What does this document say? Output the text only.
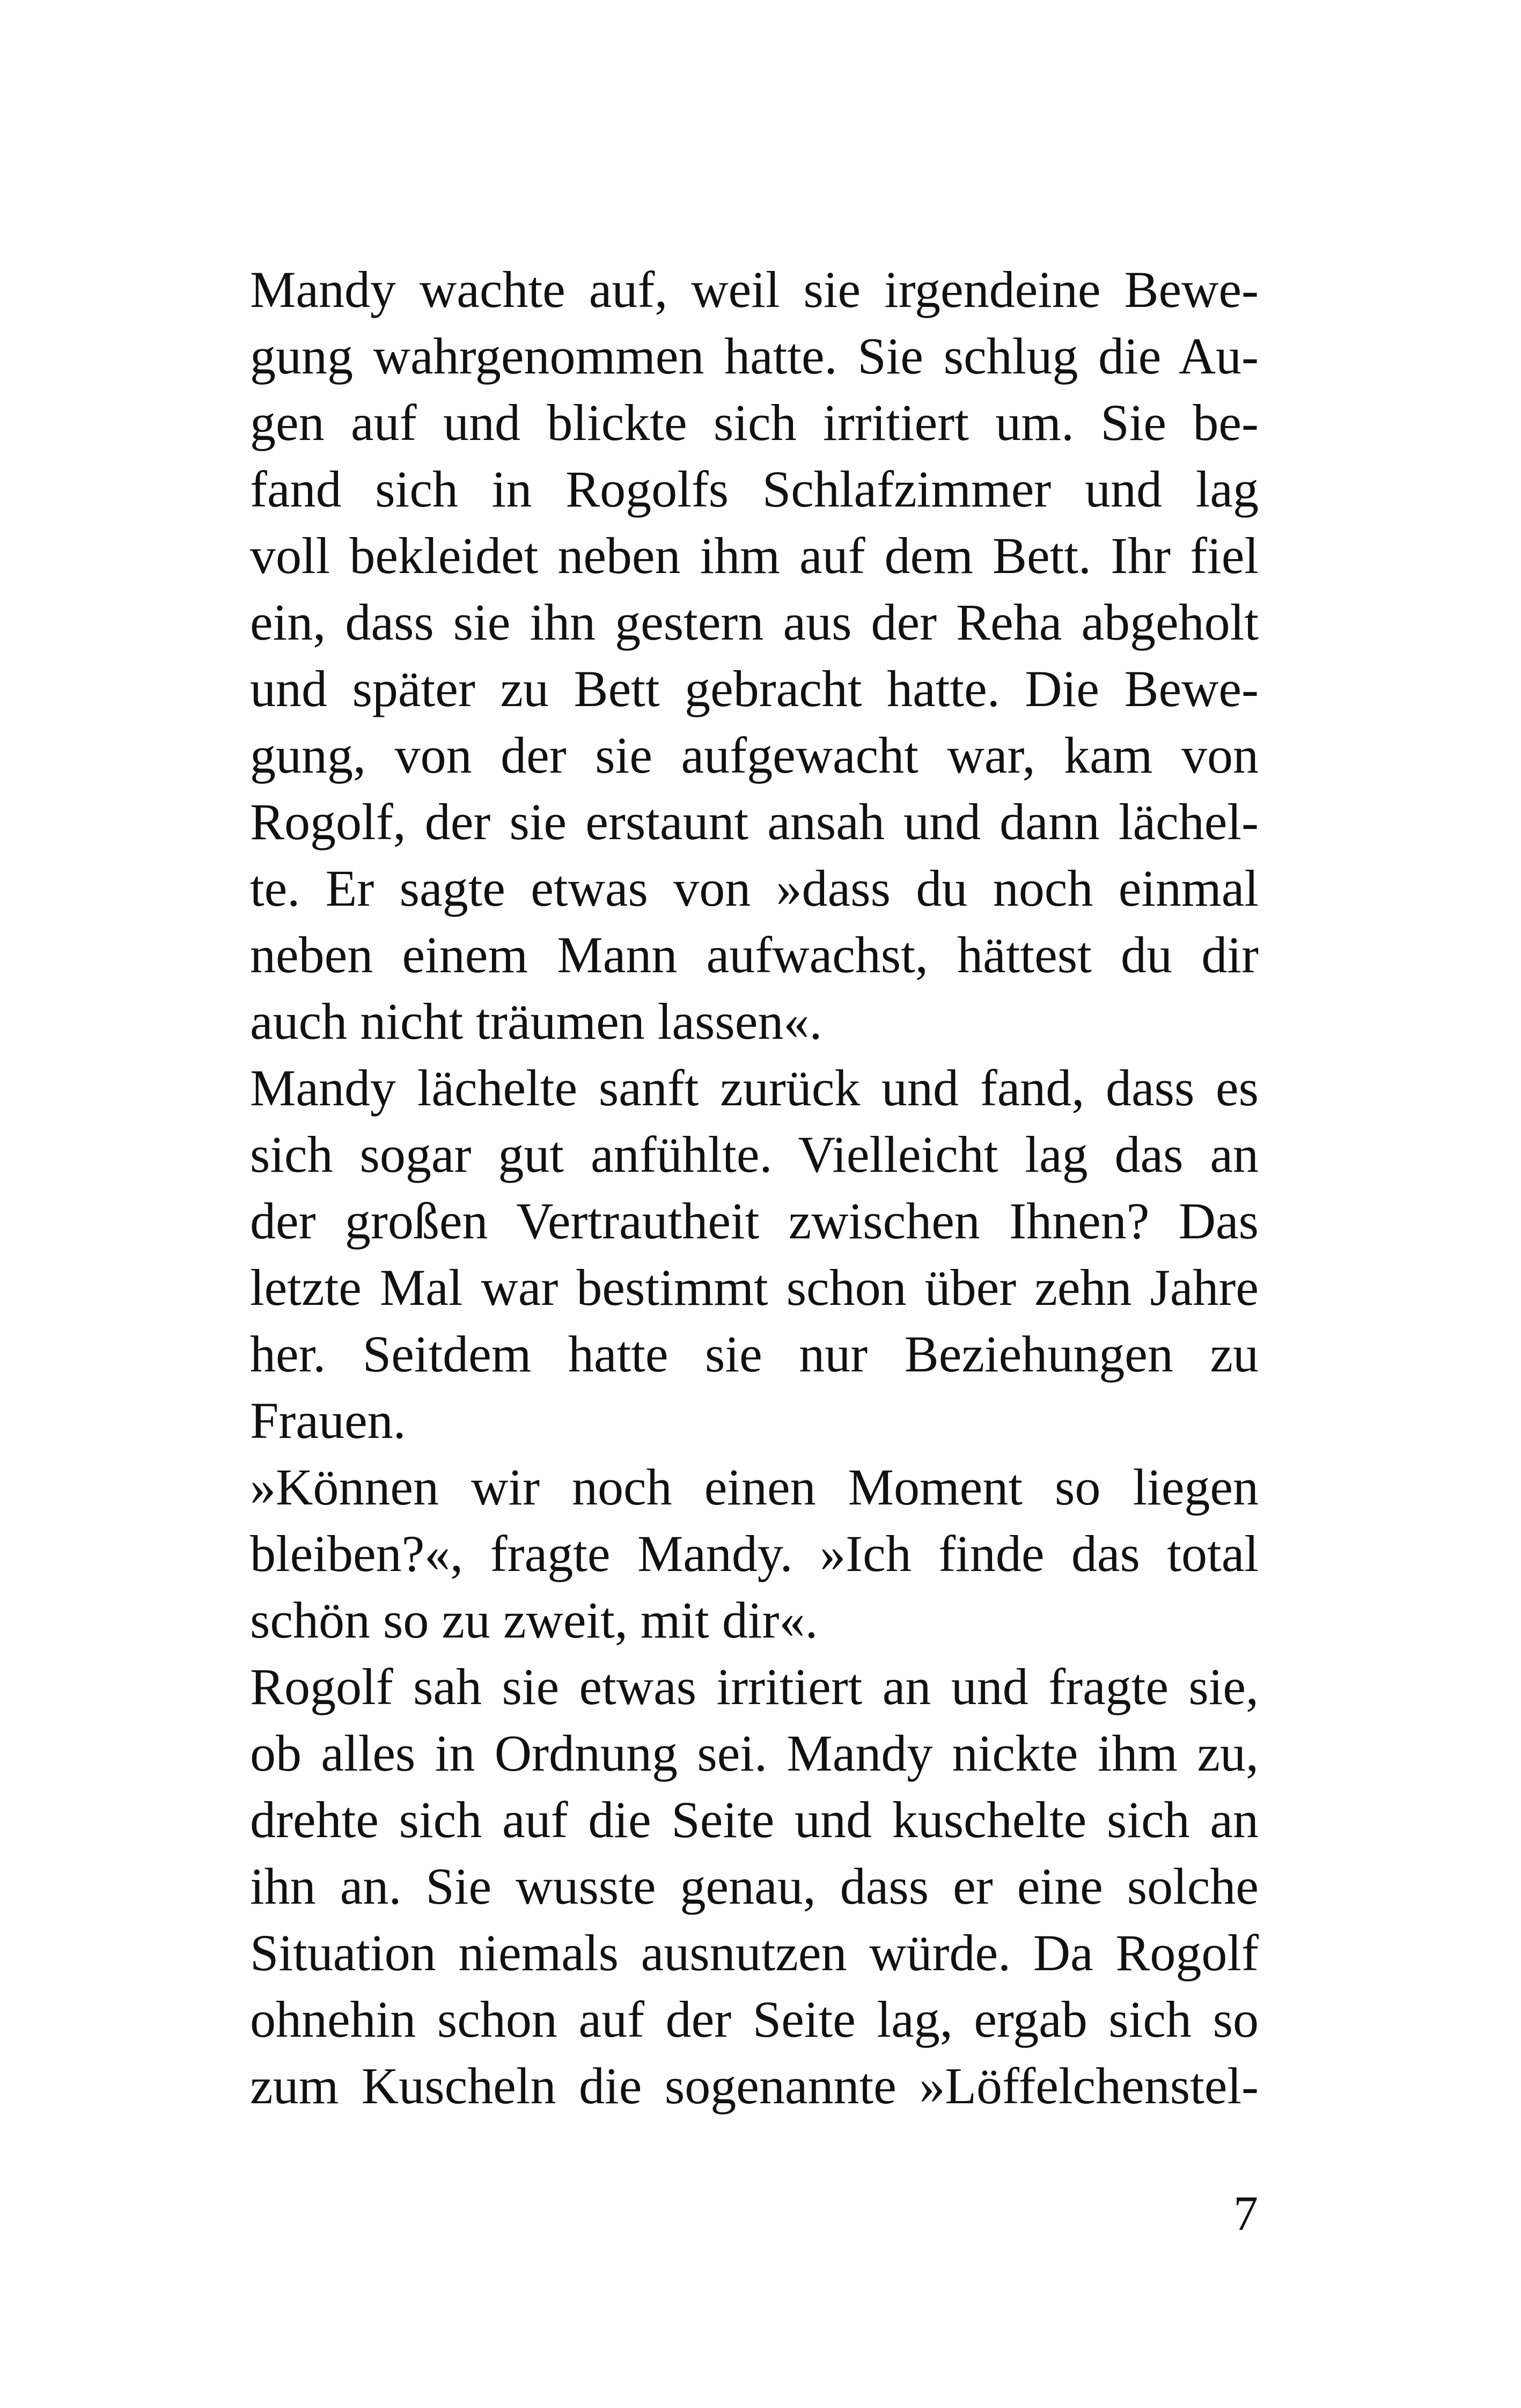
Mandy wachte auf, weil sie irgendeine Bewe-
gung wahrgenommen hatte. Sie schlug die Au-
gen auf und blickte sich irritiert um. Sie be-
fand sich in Rogolfs Schlafzimmer und lag
voll bekleidet neben ihm auf dem Bett. Ihr fiel
ein, dass sie ihn gestern aus der Reha abgeholt
und später zu Bett gebracht hatte. Die Bewe-
gung, von der sie aufgewacht war, kam von
Rogolf, der sie erstaunt ansah und dann lächel-
te. Er sagte etwas von »dass du noch einmal
neben einem Mann aufwachst, hättest du dir
auch nicht träumen lassen«.
Mandy lächelte sanft zurück und fand, dass es
sich sogar gut anfühlte. Vielleicht lag das an
der großen Vertrautheit zwischen Ihnen? Das
letzte Mal war bestimmt schon über zehn Jahre
her. Seitdem hatte sie nur Beziehungen zu
Frauen.
»Können wir noch einen Moment so liegen
bleiben?«, fragte Mandy. »Ich finde das total
schön so zu zweit, mit dir«.
Rogolf sah sie etwas irritiert an und fragte sie,
ob alles in Ordnung sei. Mandy nickte ihm zu,
drehte sich auf die Seite und kuschelte sich an
ihn an. Sie wusste genau, dass er eine solche
Situation niemals ausnutzen würde. Da Rogolf
ohnehin schon auf der Seite lag, ergab sich so
zum Kuscheln die sogenannte »Löffelchenstel-
7
